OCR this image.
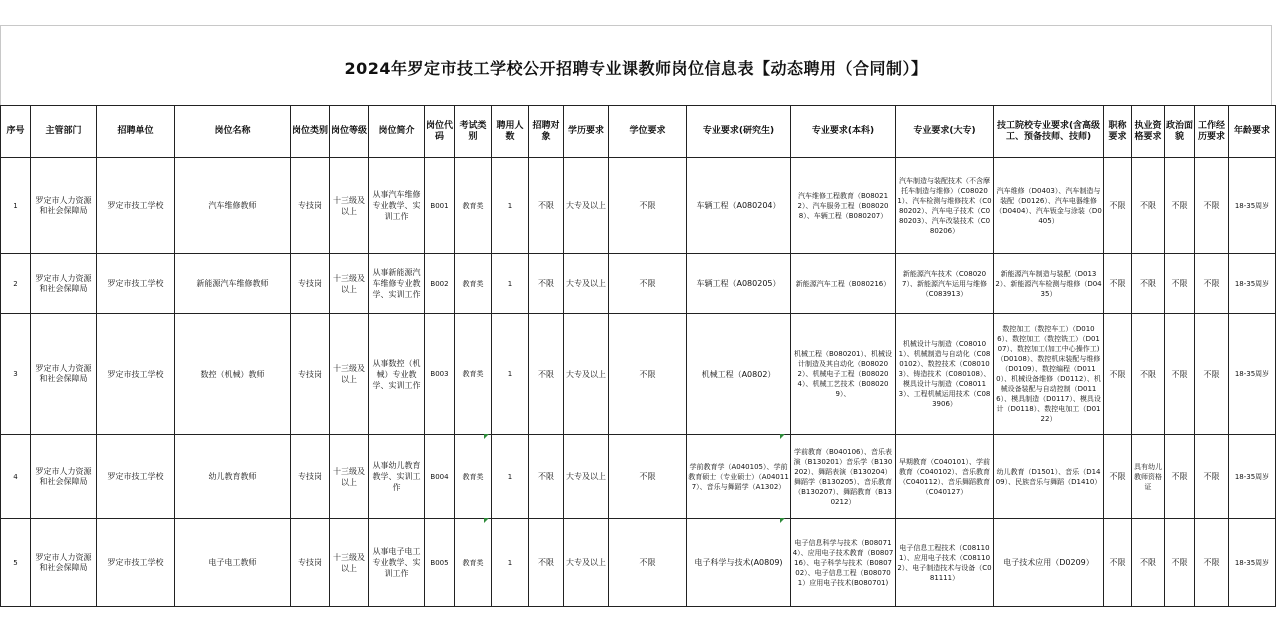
2024年罗定市技工学校公开招聘专业课教师岗位信息表【动态聘用（合同制）】
序号	主管部门	招聘单位	岗位名称	岗位类别	岗位等级	岗位简介	岗位代码	考试类别	聘用人数	招聘对象	学历要求	学位要求	专业要求(研究生)	专业要求(本科)	专业要求(大专)	技工院校专业要求(含高级工、预备技师、技师)	职称要求	执业资格要求	政治面貌	工作经历要求	年龄要求
1	罗定市人力资源和社会保障局	罗定市技工学校	汽车维修教师	专技岗	十三级及以上	从事汽车维修专业教学、实训工作	B001	教育类	1	不限	大专及以上	不限	车辆工程（A080204）	汽车维修工程教育（B080212）、汽车服务工程（B080208）、车辆工程（B080207）	汽车制造与装配技术（不含摩托车制造与维修）（C080201）、汽车检测与维修技术（C080202）、汽车电子技术（C080203）、汽车改装技术（C080206）	汽车维修（D0403）、汽车制造与装配（D0126）、汽车电器维修（D0404）、汽车钣金与涂装（D0405）	不限	不限	不限	不限	18-35周岁
2	罗定市人力资源和社会保障局	罗定市技工学校	新能源汽车维修教师	专技岗	十三级及以上	从事新能源汽车维修专业教学、实训工作	B002	教育类	1	不限	大专及以上	不限	车辆工程（A080205）	新能源汽车工程（B080216）	新能源汽车技术（C080207）、新能源汽车运用与维修（C083913）	新能源汽车制造与装配（D0132）、新能源汽车检测与维修（D0435）	不限	不限	不限	不限	18-35周岁
3	罗定市人力资源和社会保障局	罗定市技工学校	数控（机械）教师	专技岗	十三级及以上	从事数控（机械）专业教学、实训工作	B003	教育类	1	不限	大专及以上	不限	机械工程（A0802）	机械工程（B080201）、机械设计制造及其自动化（B080202）、机械电子工程（B080204）、机械工艺技术（B080209）、	机械设计与制造（C080101）、机械制造与自动化（C080102）、数控技术（C080103）、铸造技术（C080108）、模具设计与制造（C080113）、工程机械运用技术（C083906）	数控加工（数控车工）（D0106）、数控加工（数控铣工）（D0107）、数控加工(加工中心操作工)（D0108）、数控机床装配与维修（D0109）、数控编程（D0110）、机械设备维修（D0112）、机械设备装配与自动控制（D0116）、模具制造（D0117）、模具设计（D0118）、数控电加工（D0122）	不限	不限	不限	不限	18-35周岁
4	罗定市人力资源和社会保障局	罗定市技工学校	幼儿教育教师	专技岗	十三级及以上	从事幼儿教育教学、实训工作	B004	教育类	1	不限	大专及以上	不限	学前教育学（A040105）、学前教育硕士（专业硕士）（A040117）、音乐与舞蹈学（A1302）	学前教育（B040106）、音乐表演（B130201）音乐学（B130202）、舞蹈表演（B130204）舞蹈学（B130205）、音乐教育（B130207）、舞蹈教育（B130212）	早期教育（C040101）、学前教育（C040102）、音乐教育（C040112）、音乐舞蹈教育（C040127）	幼儿教育（D1501）、音乐（D1409）、民族音乐与舞蹈（D1410）	不限	具有幼儿教师资格证	不限	不限	18-35周岁
5	罗定市人力资源和社会保障局	罗定市技工学校	电子电工教师	专技岗	十三级及以上	从事电子电工专业教学、实训工作	B005	教育类	1	不限	大专及以上	不限	电子科学与技术(A0809)	电子信息科学与技术（B080714）、应用电子技术教育（B080716）、电子科学与技术（B080702）、电子信息工程（B080701）应用电子技术(B080701)	电子信息工程技术（C081101）、应用电子技术（C081102）、电子制造技术与设备（C081111）	电子技术应用（D0209）	不限	不限	不限	不限	18-35周岁
